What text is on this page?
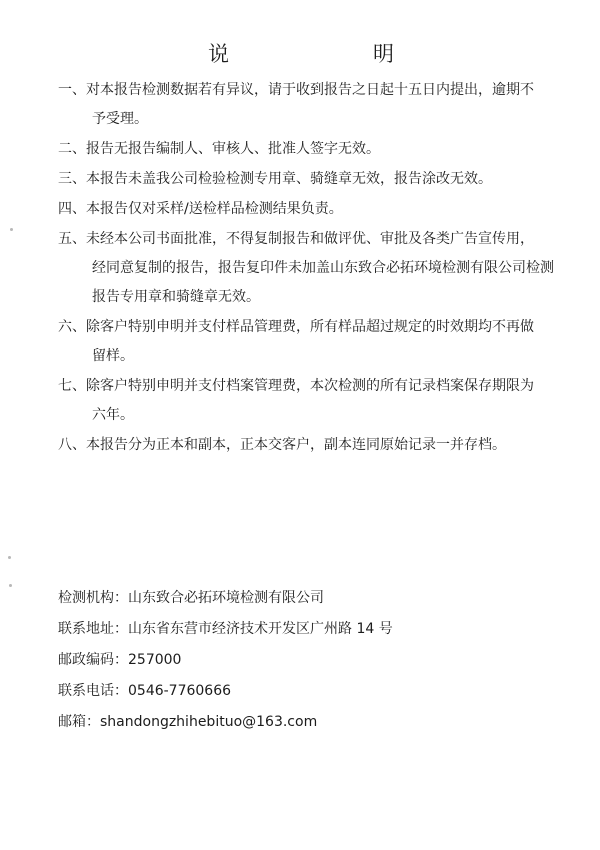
说	明
一、对本报告检测数据若有异议，请于收到报告之日起十五日内提出，逾期不
予受理。
二、报告无报告编制人、审核人、批准人签字无效。
三、本报告未盖我公司检验检测专用章、骑缝章无效，报告涂改无效。
四、本报告仅对采样/送检样品检测结果负责。
五、未经本公司书面批准，不得复制报告和做评优、审批及各类广告宣传用，
经同意复制的报告，报告复印件未加盖山东致合必拓环境检测有限公司检测报告专用章和骑缝章无效。
六、除客户特别申明并支付样品管理费，所有样品超过规定的时效期均不再做
留样。
七、除客户特别申明并支付档案管理费，本次检测的所有记录档案保存期限为
六年。
八、本报告分为正本和副本，正本交客户，副本连同原始记录一并存档。
检测机构：山东致合必拓环境检测有限公司
联系地址：山东省东营市经济技术开发区广州路 14 号
邮政编码：257000
联系电话：0546-7760666
邮箱：shandongzhihebituo@163.com
